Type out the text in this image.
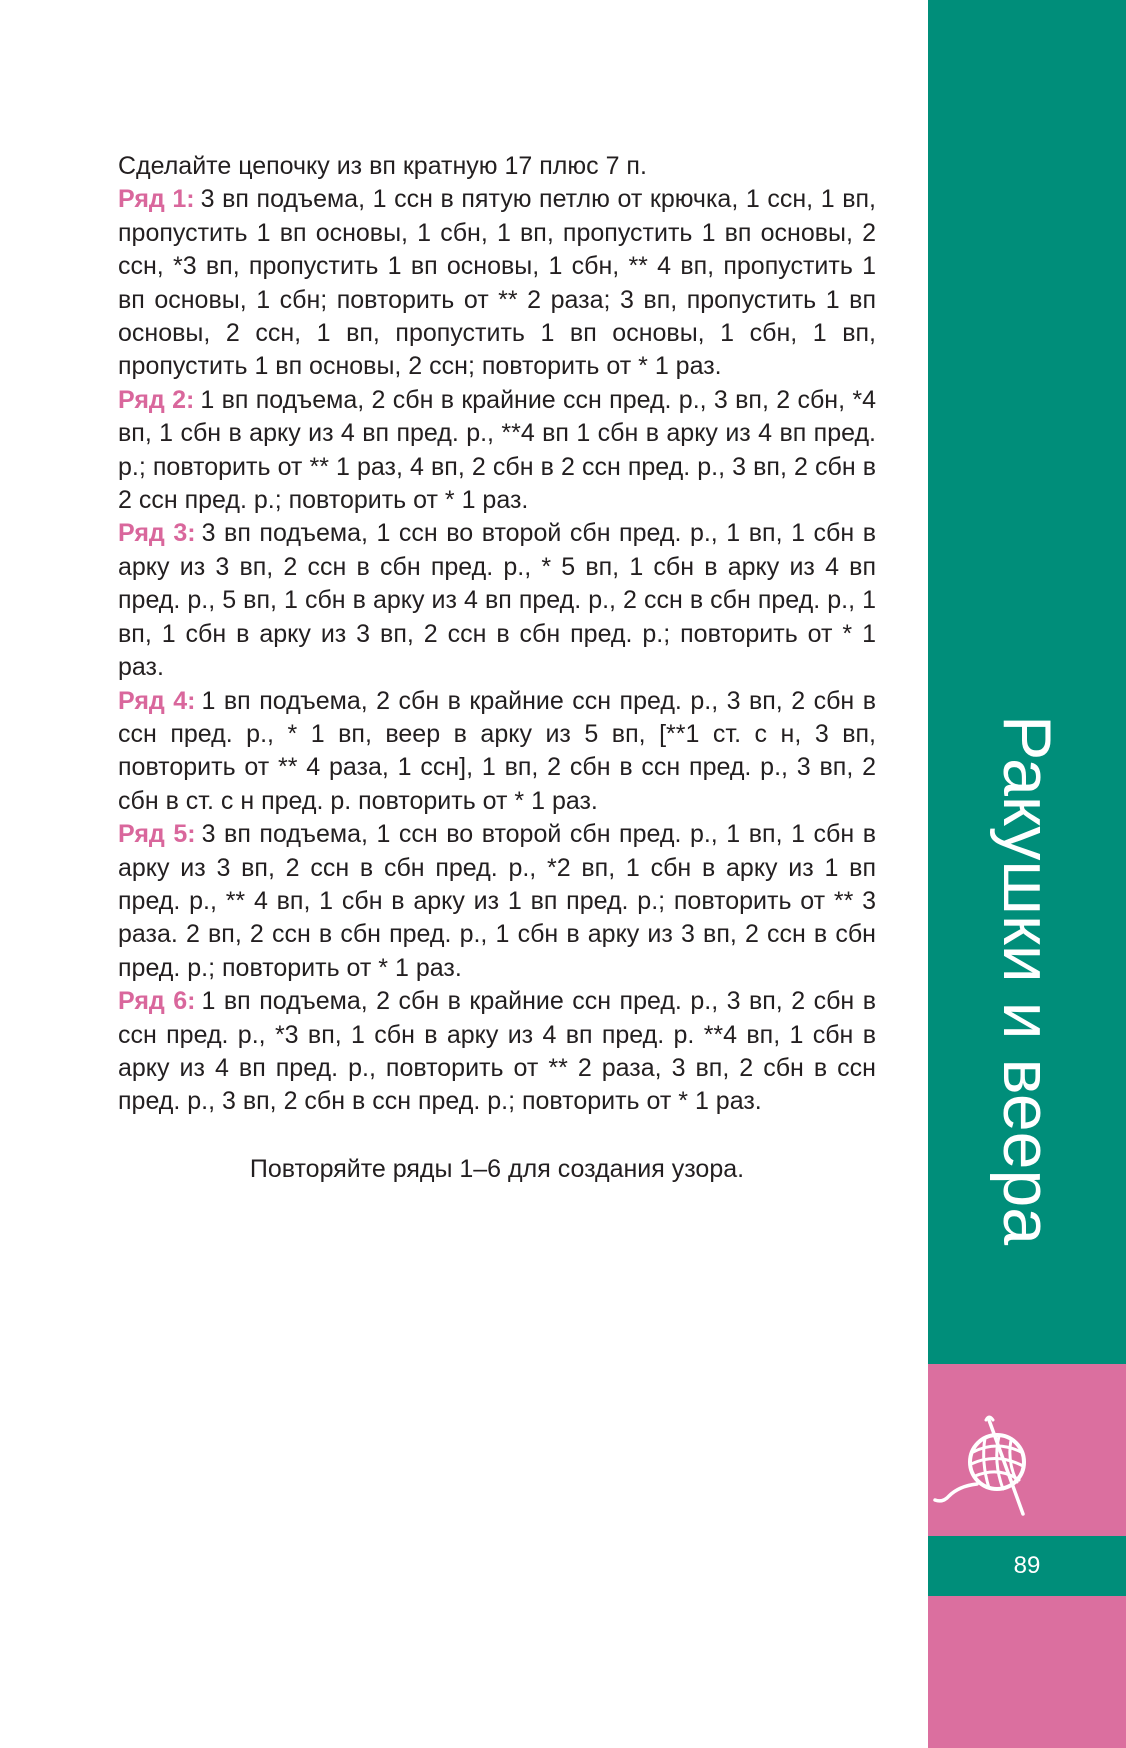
Сделайте цепочку из вп кратную 17 плюс 7 п.

Ряд 1: 3 вп подъема, 1 ссн в пятую петлю от крючка, 1 ссн, 1 вп, пропустить 1 вп основы, 1 сбн, 1 вп, пропустить 1 вп основы, 2 ссн, *3 вп, пропустить 1 вп основы, 1 сбн, ** 4 вп, пропустить 1 вп основы, 1 сбн; повторить от ** 2 раза; 3 вп, пропустить 1 вп основы, 2 ссн, 1 вп, пропустить 1 вп основы, 1 сбн, 1 вп, пропустить 1 вп основы, 2 ссн; повторить от * 1 раз.

Ряд 2: 1 вп подъема, 2 сбн в крайние ссн пред. р., 3 вп, 2 сбн, *4 вп, 1 сбн в арку из 4 вп пред. р., **4 вп 1 сбн в арку из 4 вп пред. р.; повторить от ** 1 раз, 4 вп, 2 сбн в 2 ссн пред. р., 3 вп, 2 сбн в 2 ссн пред. р.; повторить от * 1 раз.

Ряд 3: 3 вп подъема, 1 ссн во второй сбн пред. р., 1 вп, 1 сбн в арку из 3 вп, 2 ссн в сбн пред. р., * 5 вп, 1 сбн в арку из 4 вп пред. р., 5 вп, 1 сбн в арку из 4 вп пред. р., 2 ссн в сбн пред. р., 1 вп, 1 сбн в арку из 3 вп, 2 ссн в сбн пред. р.; повторить от * 1 раз.

Ряд 4: 1 вп подъема, 2 сбн в крайние ссн пред. р., 3 вп, 2 сбн в ссн пред. р., * 1 вп, веер в арку из 5 вп, [**1 ст. с н, 3 вп, повторить от ** 4 раза, 1 ссн], 1 вп, 2 сбн в ссн пред. р., 3 вп, 2 сбн в ст. с н пред. р. повторить от * 1 раз.

Ряд 5: 3 вп подъема, 1 ссн во второй сбн пред. р., 1 вп, 1 сбн в арку из 3 вп, 2 ссн в сбн пред. р., *2 вп, 1 сбн в арку из 1 вп пред. р., ** 4 вп, 1 сбн в арку из 1 вп пред. р.; повторить от ** 3 раза. 2 вп, 2 ссн в сбн пред. р., 1 сбн в арку из 3 вп, 2 ссн в сбн пред. р.; повторить от * 1 раз.

Ряд 6: 1 вп подъема, 2 сбн в крайние ссн пред. р., 3 вп, 2 сбн в ссн пред. р., *3 вп, 1 сбн в арку из 4 вп пред. р. **4 вп, 1 сбн в арку из 4 вп пред. р., повторить от ** 2 раза, 3 вп, 2 сбн в ссн пред. р., 3 вп, 2 сбн в ссн пред. р.; повторить от * 1 раз.

Повторяйте ряды 1–6 для создания узора.	Ракушки и веера
89
